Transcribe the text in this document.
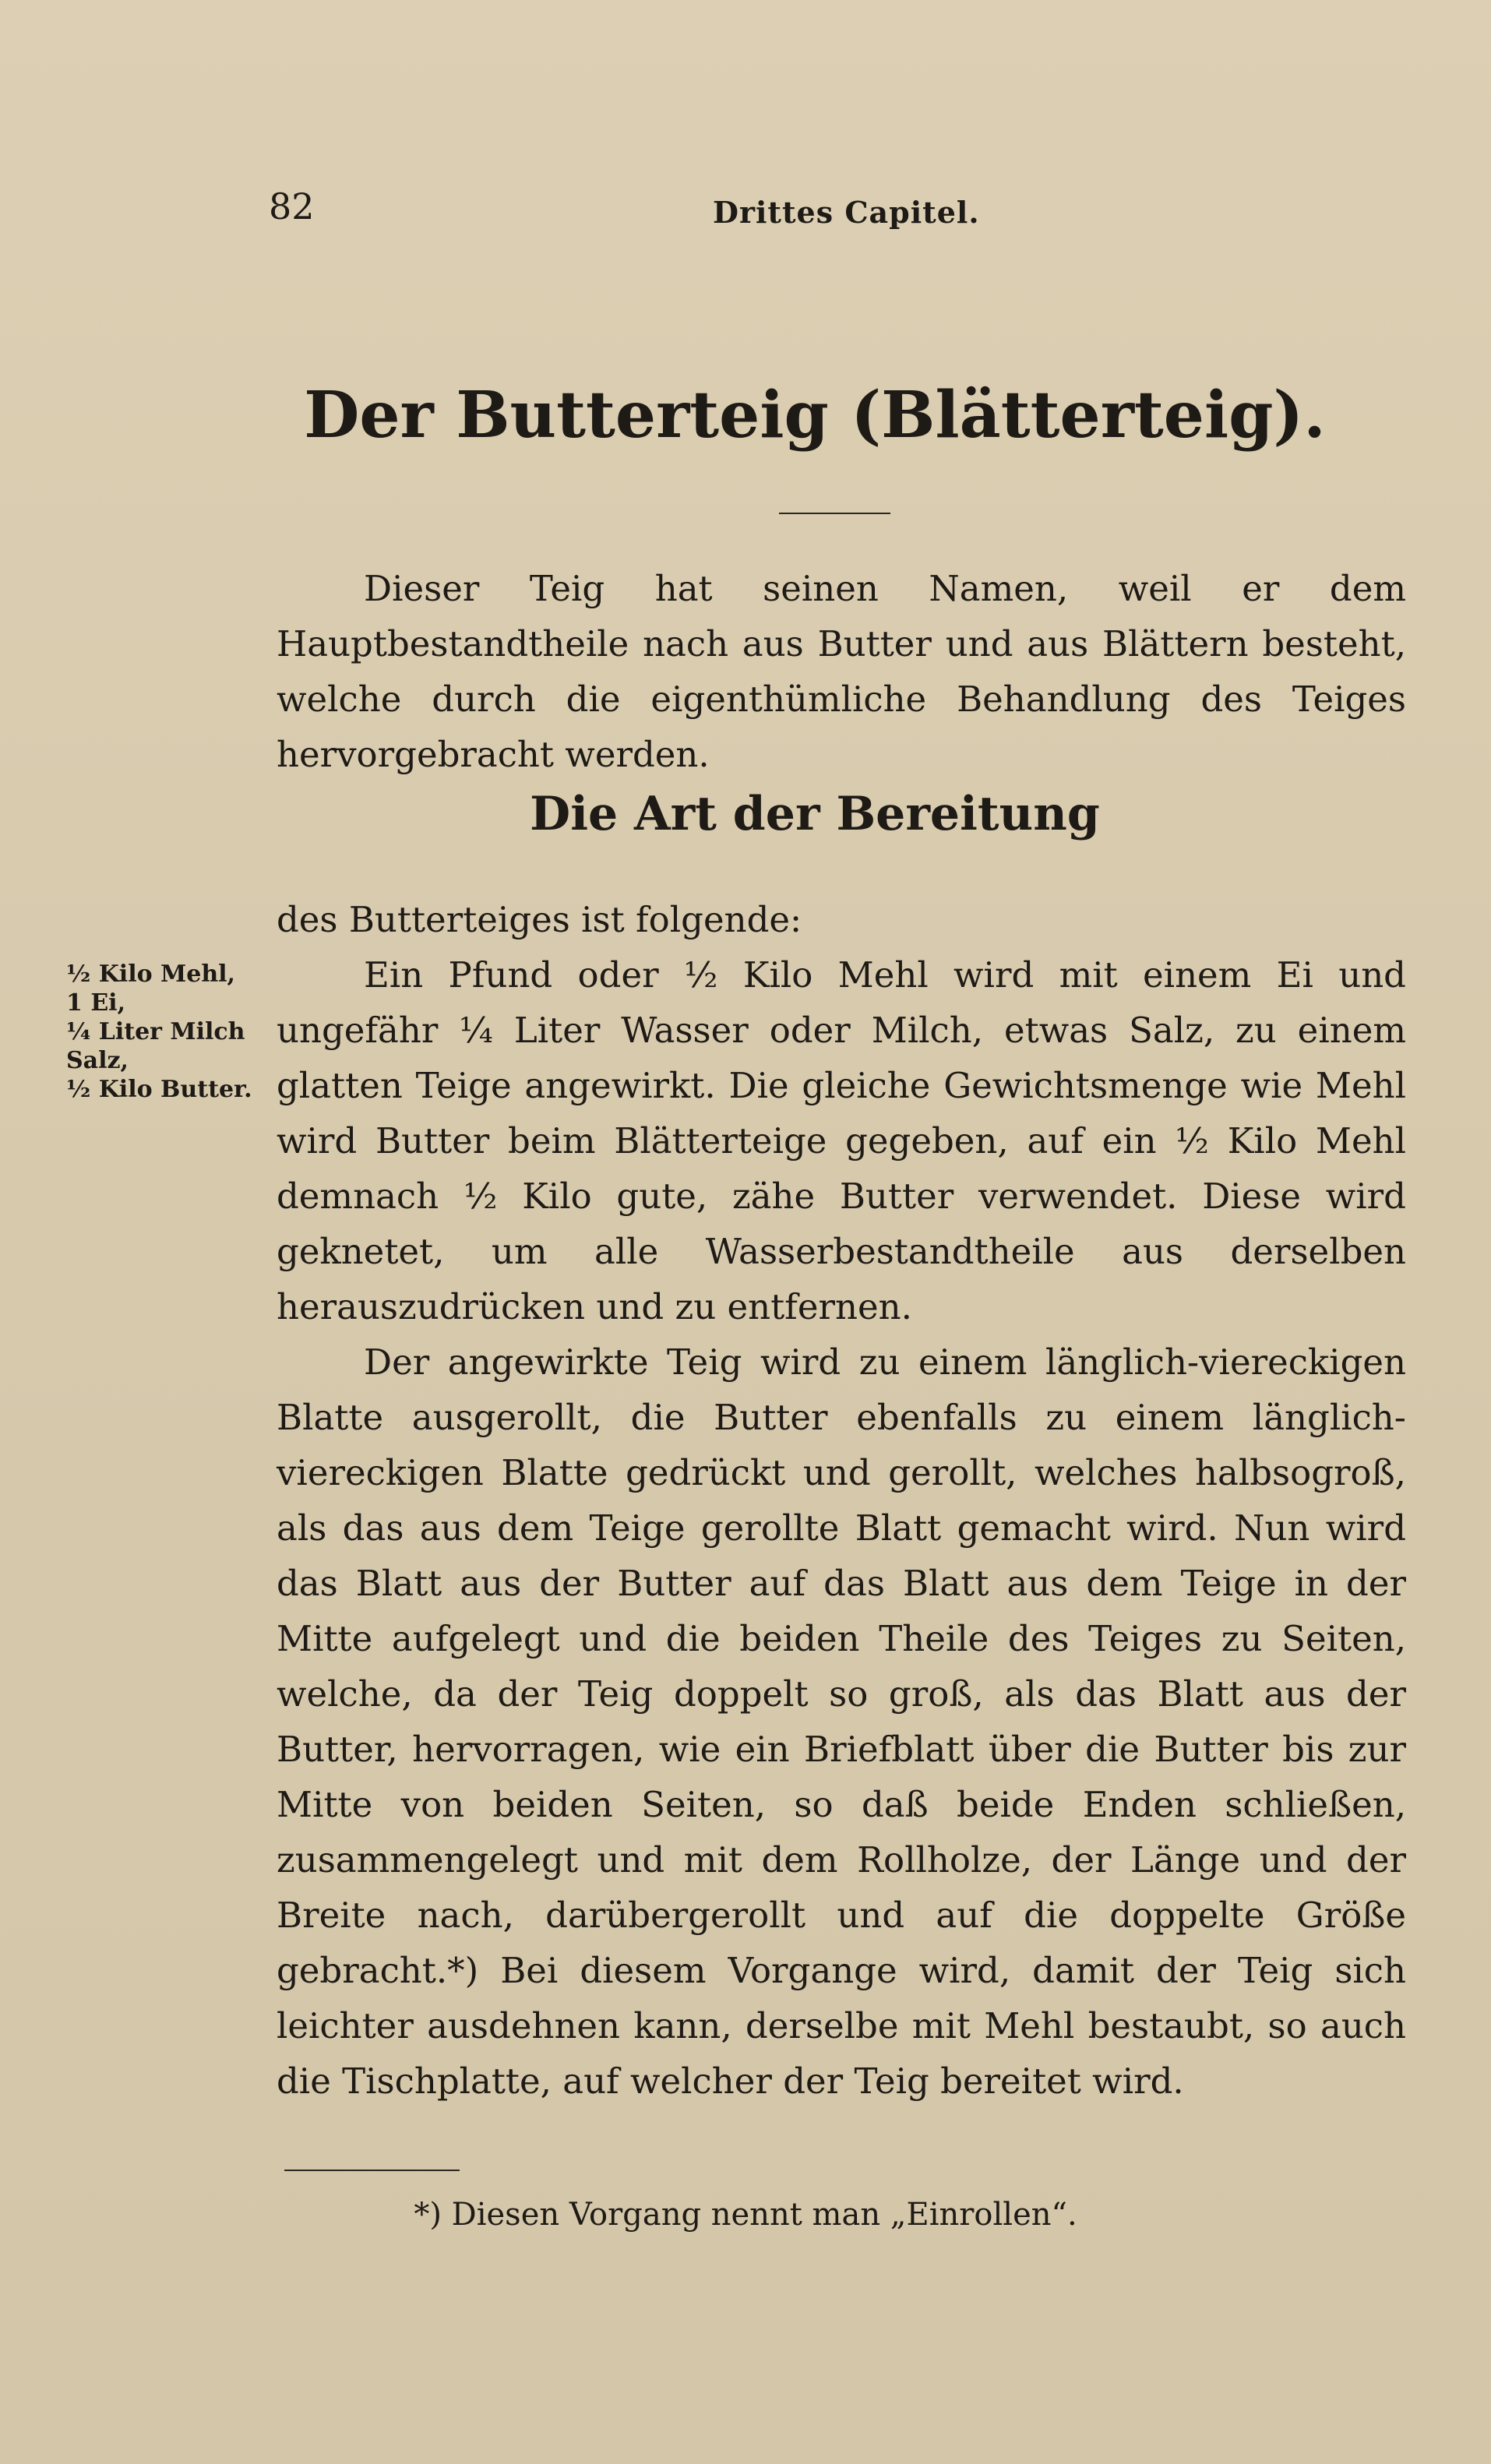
82	Drittes Capitel.
Der Butterteig (Blätterteig).

Dieser Teig hat seinen Namen, weil er dem Hauptbestandtheile nach aus Butter und aus Blättern besteht, welche durch die eigenthümliche Behandlung des Teiges hervorgebracht werden.

Die Art der Bereitung

des Butterteiges ist folgende:

Ein Pfund oder ½ Kilo Mehl wird mit einem Ei und ungefähr ¼ Liter Wasser oder Milch, etwas Salz, zu einem glatten Teige angewirkt. Die gleiche Gewichtsmenge wie Mehl wird Butter beim Blätterteige gegeben, auf ein ½ Kilo Mehl demnach ½ Kilo gute, zähe Butter verwendet. Diese wird geknetet, um alle Wasserbestandtheile aus derselben herauszudrücken und zu entfernen.

Der angewirkte Teig wird zu einem länglich-viereckigen Blatte ausgerollt, die Butter ebenfalls zu einem länglich-viereckigen Blatte gedrückt und gerollt, welches halbsogroß, als das aus dem Teige gerollte Blatt gemacht wird. Nun wird das Blatt aus der Butter auf das Blatt aus dem Teige in der Mitte aufgelegt und die beiden Theile des Teiges zu Seiten, welche, da der Teig doppelt so groß, als das Blatt aus der Butter, hervorragen, wie ein Briefblatt über die Butter bis zur Mitte von beiden Seiten, so daß beide Enden schließen, zusammengelegt und mit dem Rollholze, der Länge und der Breite nach, darübergerollt und auf die doppelte Größe gebracht.*) Bei diesem Vorgange wird, damit der Teig sich leichter ausdehnen kann, derselbe mit Mehl bestaubt, so auch die Tischplatte, auf welcher der Teig bereitet wird.

½ Kilo Mehl,
1 Ei,
¼ Liter Milch
Salz,
½ Kilo Butter.
*) Diesen Vorgang nennt man „Einrollen“.
